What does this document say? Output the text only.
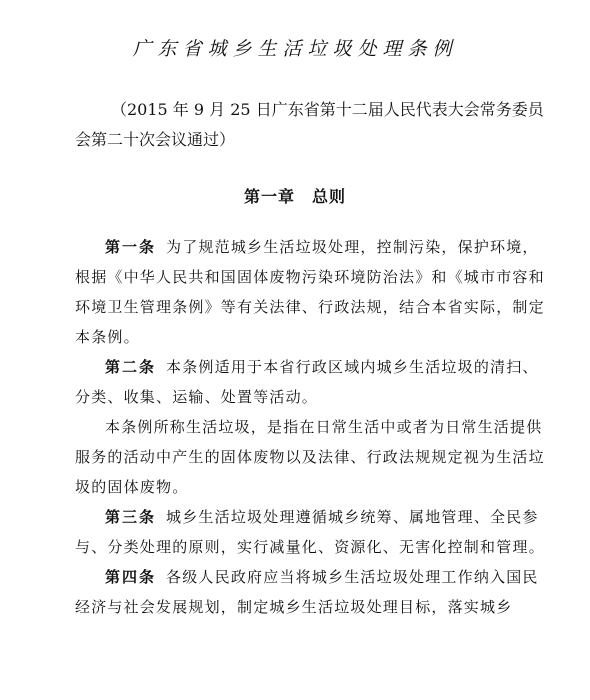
广东省城乡生活垃圾处理条例
（2015 年 9 月 25 日广东省第十二届人民代表大会常务委员会第二十次会议通过）
第一章　总则

第一条 为了规范城乡生活垃圾处理，控制污染，保护环境，根据《中华人民共和国固体废物污染环境防治法》和《城市市容和环境卫生管理条例》等有关法律、行政法规，结合本省实际，制定本条例。

第二条 本条例适用于本省行政区域内城乡生活垃圾的清扫、分类、收集、运输、处置等活动。

本条例所称生活垃圾，是指在日常生活中或者为日常生活提供服务的活动中产生的固体废物以及法律、行政法规规定视为生活垃圾的固体废物。

第三条 城乡生活垃圾处理遵循城乡统筹、属地管理、全民参与、分类处理的原则，实行减量化、资源化、无害化控制和管理。

第四条 各级人民政府应当将城乡生活垃圾处理工作纳入国民经济与社会发展规划，制定城乡生活垃圾处理目标，落实城乡
